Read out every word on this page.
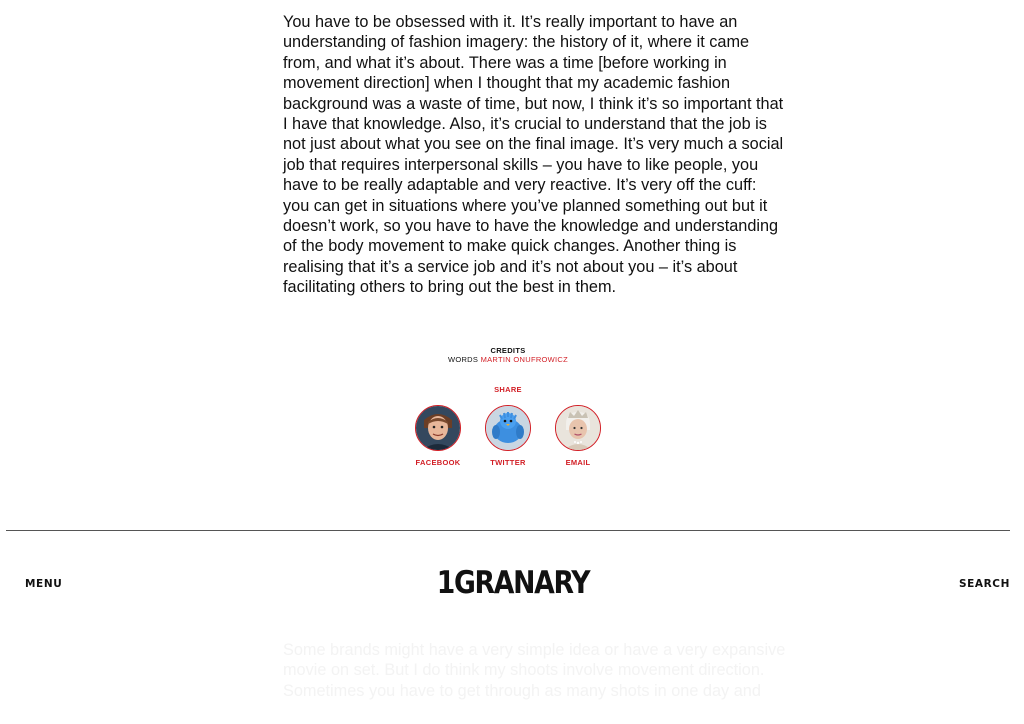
You have to be obsessed with it. It’s really important to have an

understanding of fashion imagery: the history of it, where it came

from, and what it’s about. There was a time [before working in

movement direction] when I thought that my academic fashion

background was a waste of time, but now, I think it’s so important that

I have that knowledge. Also, it’s crucial to understand that the job is

not just about what you see on the final image. It’s very much a social

job that requires interpersonal skills – you have to like people, you

have to be really adaptable and very reactive. It’s very off the cuff:

you can get in situations where you’ve planned something out but it

doesn’t work, so you have to have the knowledge and understanding

of the body movement to make quick changes. Another thing is

realising that it’s a service job and it’s not about you – it’s about

facilitating others to bring out the best in them.

CREDITS
WORDS MARTIN ONUFROWICZ
SHARE
FACEBOOK	TWITTER	EMAIL

Some brands might have a very simple idea or have a very expansive

movie on set. But I do think my shoots involve movement direction.

Sometimes you have to get through as many shots in one day and

MENU	1GRANARY	SEARCH
